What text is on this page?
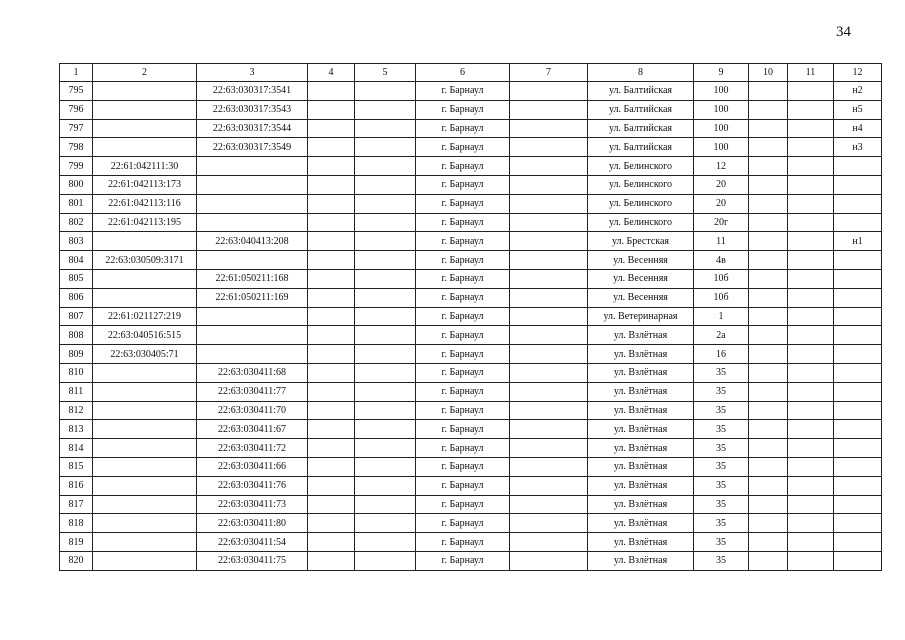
34
1	2	3	4	5	6	7	8	9	10	11	12
795		22:63:030317:3541			г. Барнаул		ул. Балтийская	100			н2
796		22:63:030317:3543			г. Барнаул		ул. Балтийская	100			н5
797		22:63:030317:3544			г. Барнаул		ул. Балтийская	100			н4
798		22:63:030317:3549			г. Барнаул		ул. Балтийская	100			н3
799	22:61:042111:30				г. Барнаул		ул. Белинского	12			
800	22:61:042113:173				г. Барнаул		ул. Белинского	20			
801	22:61:042113:116				г. Барнаул		ул. Белинского	20			
802	22:61:042113:195				г. Барнаул		ул. Белинского	20г			
803		22:63:040413:208			г. Барнаул		ул. Брестская	11			н1
804	22:63:030509:3171				г. Барнаул		ул. Весенняя	4в			
805		22:61:050211:168			г. Барнаул		ул. Весенняя	10б			
806		22:61:050211:169			г. Барнаул		ул. Весенняя	10б			
807	22:61:021127:219				г. Барнаул		ул. Ветеринарная	1			
808	22:63:040516:515				г. Барнаул		ул. Взлётная	2а			
809	22:63:030405:71				г. Барнаул		ул. Взлётная	16			
810		22:63:030411:68			г. Барнаул		ул. Взлётная	35			
811		22:63:030411:77			г. Барнаул		ул. Взлётная	35			
812		22:63:030411:70			г. Барнаул		ул. Взлётная	35			
813		22:63:030411:67			г. Барнаул		ул. Взлётная	35			
814		22:63:030411:72			г. Барнаул		ул. Взлётная	35			
815		22:63:030411:66			г. Барнаул		ул. Взлётная	35			
816		22:63:030411:76			г. Барнаул		ул. Взлётная	35			
817		22:63:030411:73			г. Барнаул		ул. Взлётная	35			
818		22:63:030411:80			г. Барнаул		ул. Взлётная	35			
819		22:63:030411:54			г. Барнаул		ул. Взлётная	35			
820		22:63:030411:75			г. Барнаул		ул. Взлётная	35			
